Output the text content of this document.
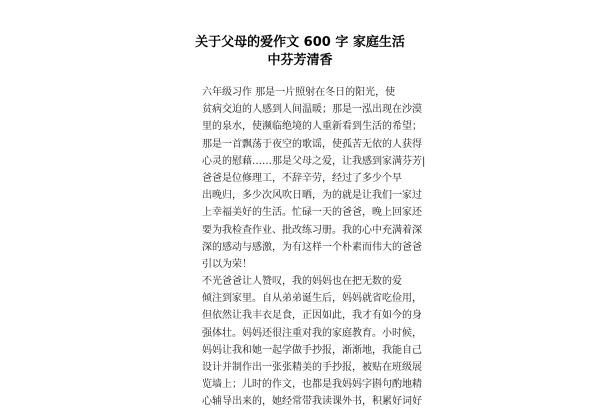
关于父母的爱作文 600 字 家庭生活
中芬芳清香
六年级习作 那是一片照射在冬日的阳光，使
贫病交迫的人感到人间温暖；那是一泓出现在沙漠
里的泉水，使濒临绝境的人重新看到生活的希望；
那是一首飘荡于夜空的歌谣，使孤苦无依的人获得
心灵的慰藉……那是父母之爱，让我感到家满芬芳|
爸爸是位修理工，不辞辛劳，经过了多少个早
出晚归，多少次风吹日晒，为的就是让我们一家过
上幸福美好的生活。忙碌一天的爸爸，晚上回家还
要为我检查作业、批改练习册。我的心中充满着深
深的感动与感激，为有这样一个朴素而伟大的爸爸
引以为荣！
不光爸爸让人赞叹，我的妈妈也在把无数的爱
倾注到家里。自从弟弟诞生后，妈妈就省吃俭用，
但依然让我丰衣足食，正因如此，我才有如今的身
强体壮。妈妈还很注重对我的家庭教育。小时候，
妈妈让我和她一起学做手抄报，渐渐地，我能自己
设计并制作出一张张精美的手抄报，被贴在班级展
览墙上；儿时的作文，也都是我妈妈字斟句酌地精
心辅导出来的，她经常带我读课外书，积累好词好
